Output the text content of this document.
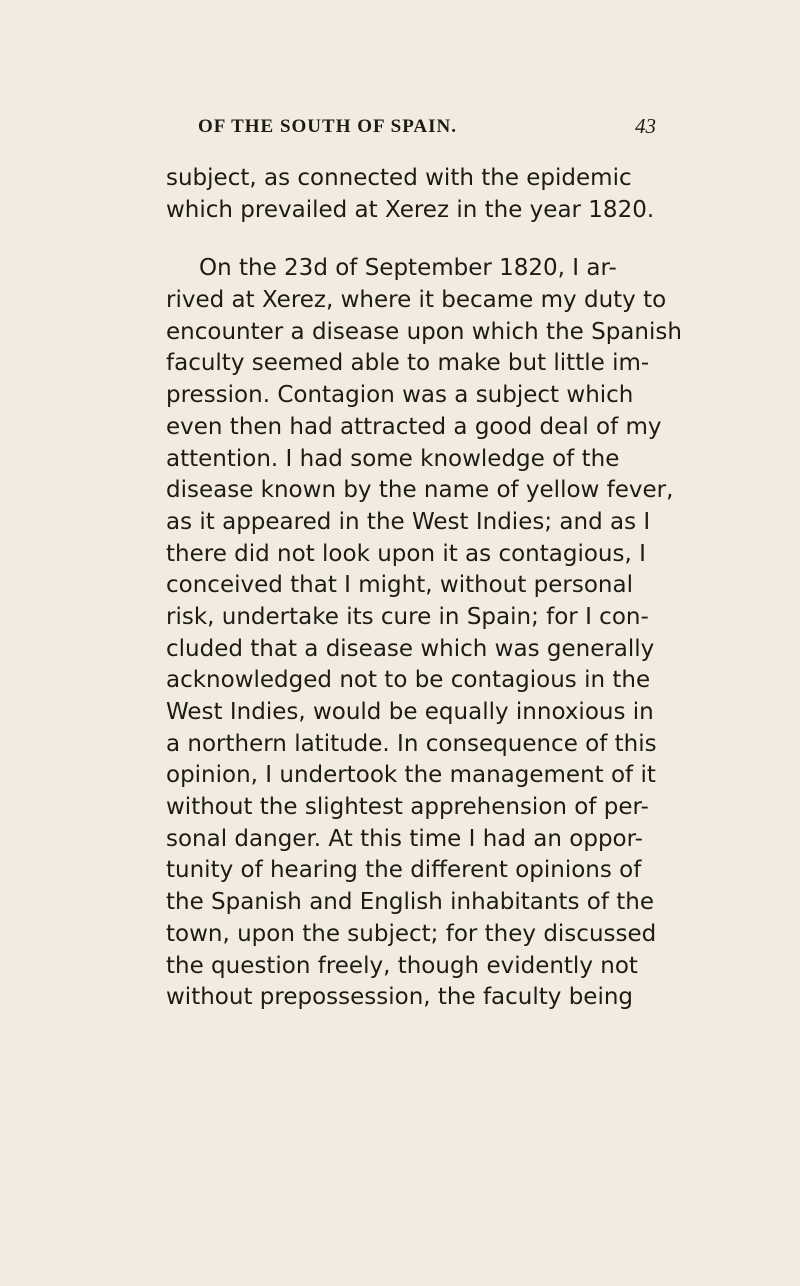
OF THE SOUTH OF SPAIN.	43
subject, as connected with the epidemic
which prevailed at Xerez in the year 1820.
On the 23d of September 1820, I ar-
rived at Xerez, where it became my duty to
encounter a disease upon which the Spanish
faculty seemed able to make but little im-
pression. Contagion was a subject which
even then had attracted a good deal of my
attention. I had some knowledge of the
disease known by the name of yellow fever,
as it appeared in the West Indies; and as I
there did not look upon it as contagious, I
conceived that I might, without personal
risk, undertake its cure in Spain; for I con-
cluded that a disease which was generally
acknowledged not to be contagious in the
West Indies, would be equally innoxious in
a northern latitude. In consequence of this
opinion, I undertook the management of it
without the slightest apprehension of per-
sonal danger. At this time I had an oppor-
tunity of hearing the different opinions of
the Spanish and English inhabitants of the
town, upon the subject; for they discussed
the question freely, though evidently not
without prepossession, the faculty being
